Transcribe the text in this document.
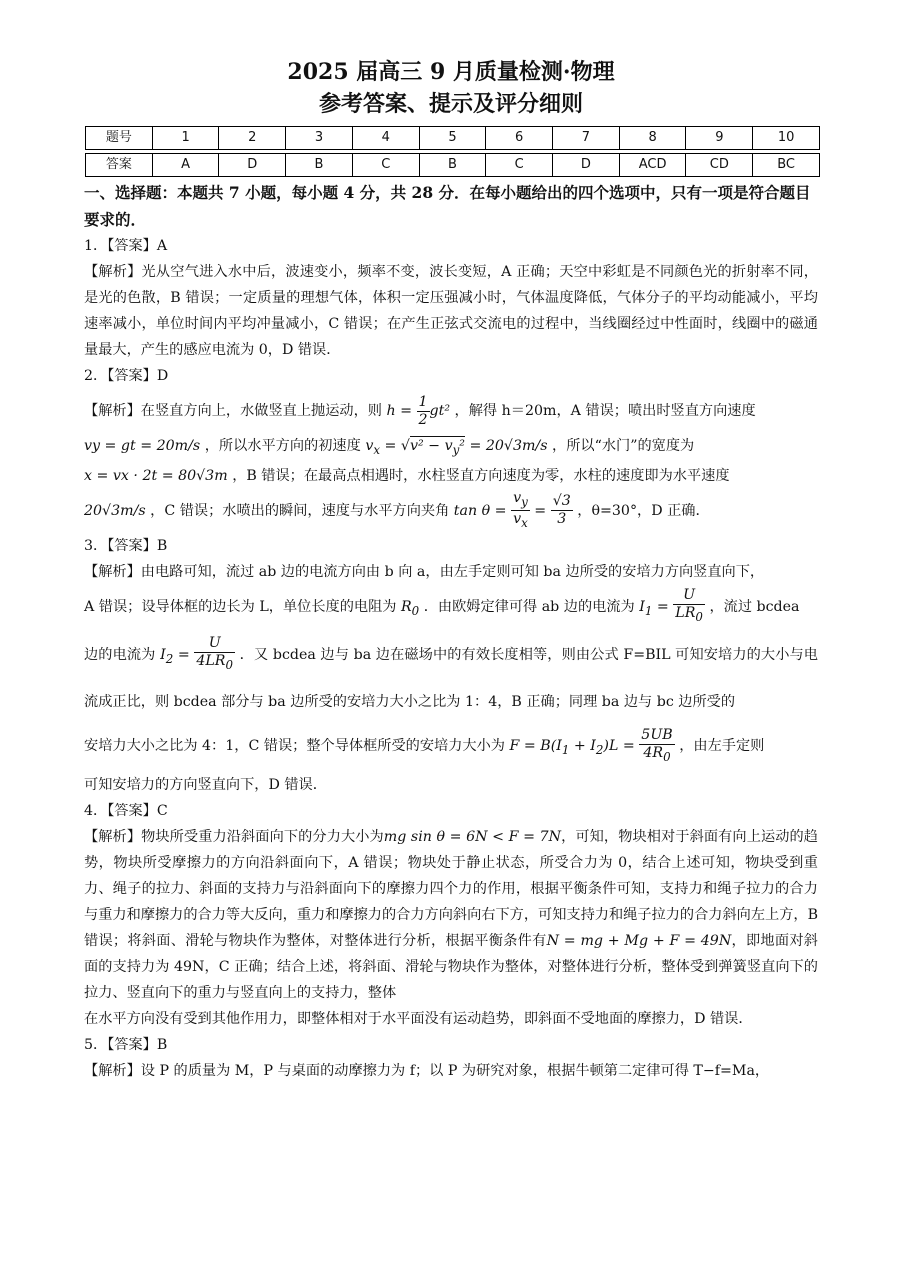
2025 届高三 9 月质量检测·物理
参考答案、提示及评分细则
题号	1	2	3	4	5	6	7	8	9	10

答案	A	D	B	C	B	C	D	ACD	CD	BC

一、选择题：本题共 7 小题，每小题 4 分，共 28 分．在每小题给出的四个选项中，只有一项是符合题目要求的．

1．【答案】A

【解析】光从空气进入水中后，波速变小，频率不变，波长变短，A 正确；天空中彩虹是不同颜色光的折射率不同，是光的色散，B 错误；一定质量的理想气体，体积一定压强减小时，气体温度降低，气体分子的平均动能减小，平均速率减小，单位时间内平均冲量减小，C 错误；在产生正弦式交流电的过程中，当线圈经过中性面时，线圈中的磁通量最大，产生的感应电流为 0，D 错误．

2．【答案】D

【解析】在竖直方向上，水做竖直上抛运动，则 $h = \frac{1}{2} gt^2$ ，解得 h＝20m，A 错误；喷出时竖直方向速度

vy = gt = 20m/s ，所以水平方向的初速度 $v_x = √v^2 - v_y^2 = 20√3m/s$ ，所以“水门”的宽度为

x = vx · 2t = 80√3m ，B 错误；在最高点相遇时，水柱竖直方向速度为零，水柱的速度即为水平速度

20√3m/s ，C 错误；水喷出的瞬间，速度与水平方向夹角 $\tan \theta = \frac{v_y}{v_x} = \frac{√3}{3}$ ，θ=30°，D 正确．

3．【答案】B

【解析】由电路可知，流过 ab 边的电流方向由 b 向 a，由左手定则可知 ba 边所受的安培力方向竖直向下，

A 错误；设导体框的边长为 L，单位长度的电阻为 $R_0$ ．由欧姆定律可得 ab 边的电流为 $I_1 = \frac{U}{LR_0}$ ，流过 bcdea

边的电流为 $I_2 = \frac{U}{4LR_0}$ ．又 bcdea 边与 ba 边在磁场中的有效长度相等，则由公式 F=BIL 可知安培力的大小与电流成正比，则 bcdea 部分与 ba 边所受的安培力大小之比为 1：4，B 正确；同理 ba 边与 bc 边所受的

安培力大小之比为 4：1，C 错误；整个导体框所受的安培力大小为 $F = B(I_1 + I_2)L = \frac{5UB}{4R_0}$ ，由左手定则

可知安培力的方向竖直向下，D 错误．

4．【答案】C

【解析】物块所受重力沿斜面向下的分力大小为mg sin θ = 6N < F = 7N，可知，物块相对于斜面有向上运动的趋势，物块所受摩擦力的方向沿斜面向下，A 错误；物块处于静止状态，所受合力为 0，结合上述可知，物块受到重力、绳子的拉力、斜面的支持力与沿斜面向下的摩擦力四个力的作用，根据平衡条件可知，支持力和绳子拉力的合力与重力和摩擦力的合力等大反向，重力和摩擦力的合力方向斜向右下方，可知支持力和绳子拉力的合力斜向左上方，B 错误；将斜面、滑轮与物块作为整体，对整体进行分析，根据平衡条件有N = mg + Mg + F = 49N，即地面对斜面的支持力为 49N，C 正确；结合上述，将斜面、滑轮与物块作为整体，对整体进行分析，整体受到弹簧竖直向下的拉力、竖直向下的重力与竖直向上的支持力，整体

在水平方向没有受到其他作用力，即整体相对于水平面没有运动趋势，即斜面不受地面的摩擦力，D 错误．

5．【答案】B

【解析】设 P 的质量为 M，P 与桌面的动摩擦力为 f；以 P 为研究对象，根据牛顿第二定律可得 T−f=Ma，
